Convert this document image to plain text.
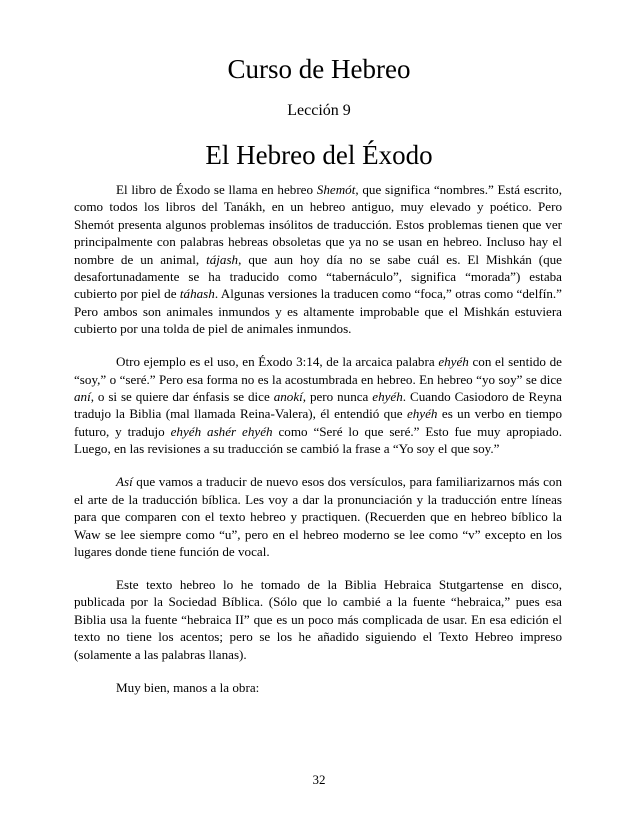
Curso de Hebreo
Lección 9
El Hebreo del Éxodo

El libro de Éxodo se llama en hebreo Shemót, que significa “nombres.” Está escrito, como todos los libros del Tanákh, en un hebreo antiguo, muy elevado y poético. Pero Shemót presenta algunos problemas insólitos de traducción. Estos problemas tienen que ver principalmente con palabras hebreas obsoletas que ya no se usan en hebreo. Incluso hay el nombre de un animal, tájash, que aun hoy día no se sabe cuál es. El Mishkán (que desafortunadamente se ha traducido como “tabernáculo”, significa “morada”) estaba cubierto por piel de táhash. Algunas versiones la traducen como “foca,” otras como “delfín.” Pero ambos son animales inmundos y es altamente improbable que el Mishkán estuviera cubierto por una tolda de piel de animales inmundos.

Otro ejemplo es el uso, en Éxodo 3:14, de la arcaica palabra ehyéh con el sentido de “soy,” o “seré.” Pero esa forma no es la acostumbrada en hebreo. En hebreo “yo soy” se dice aní, o si se quiere dar énfasis se dice anokí, pero nunca ehyéh. Cuando Casiodoro de Reyna tradujo la Biblia (mal llamada Reina-Valera), él entendió que ehyéh es un verbo en tiempo futuro, y tradujo ehyéh ashér ehyéh como “Seré lo que seré.” Esto fue muy apropiado. Luego, en las revisiones a su traducción se cambió la frase a “Yo soy el que soy.”

Así que vamos a traducir de nuevo esos dos versículos, para familiarizarnos más con el arte de la traducción bíblica. Les voy a dar la pronunciación y la traducción entre líneas para que comparen con el texto hebreo y practiquen. (Recuerden que en hebreo bíblico la Waw se lee siempre como “u”, pero en el hebreo moderno se lee como “v” excepto en los lugares donde tiene función de vocal.

Este texto hebreo lo he tomado de la Biblia Hebraica Stutgartense en disco, publicada por la Sociedad Bíblica. (Sólo que lo cambié a la fuente “hebraica,” pues esa Biblia usa la fuente “hebraica II” que es un poco más complicada de usar. En esa edición el texto no tiene los acentos; pero se los he añadido siguiendo el Texto Hebreo impreso (solamente a las palabras llanas).

Muy bien, manos a la obra:

32
